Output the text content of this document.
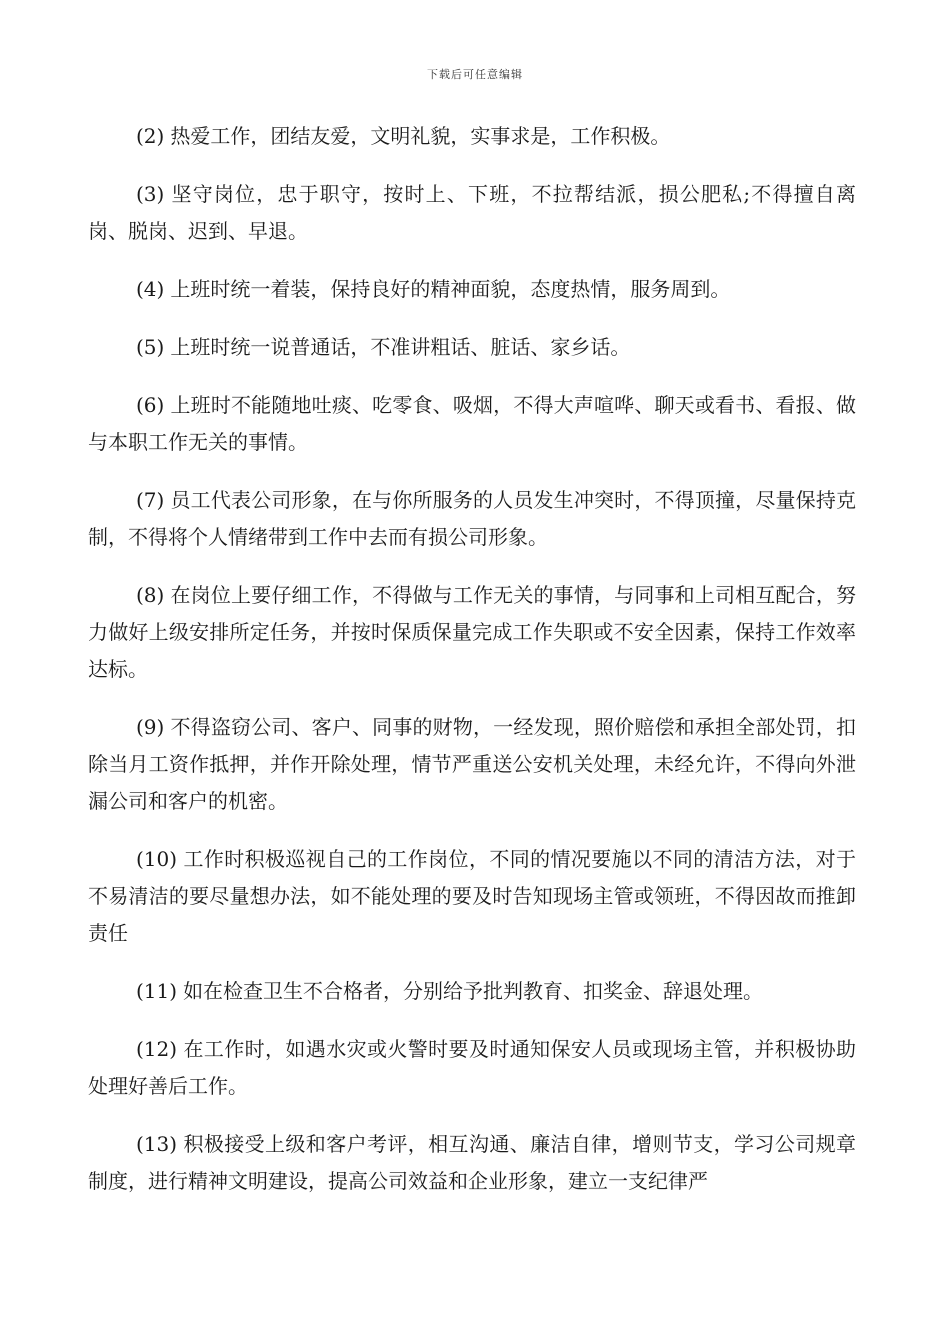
下载后可任意编辑

(2) 热爱工作，团结友爱，文明礼貌，实事求是，工作积极。

(3) 坚守岗位，忠于职守，按时上、下班，不拉帮结派，损公肥私;不得擅自离岗、脱岗、迟到、早退。

(4) 上班时统一着装，保持良好的精神面貌，态度热情，服务周到。

(5) 上班时统一说普通话，不准讲粗话、脏话、家乡话。

(6) 上班时不能随地吐痰、吃零食、吸烟，不得大声喧哗、聊天或看书、看报、做与本职工作无关的事情。

(7) 员工代表公司形象，在与你所服务的人员发生冲突时，不得顶撞，尽量保持克制，不得将个人情绪带到工作中去而有损公司形象。

(8) 在岗位上要仔细工作，不得做与工作无关的事情，与同事和上司相互配合，努力做好上级安排所定任务，并按时保质保量完成工作失职或不安全因素，保持工作效率达标。

(9) 不得盗窃公司、客户、同事的财物，一经发现，照价赔偿和承担全部处罚，扣除当月工资作抵押，并作开除处理，情节严重送公安机关处理，未经允许，不得向外泄漏公司和客户的机密。

(10) 工作时积极巡视自己的工作岗位，不同的情况要施以不同的清洁方法，对于不易清洁的要尽量想办法，如不能处理的要及时告知现场主管或领班，不得因故而推卸责任

(11) 如在检查卫生不合格者，分别给予批判教育、扣奖金、辞退处理。

(12) 在工作时，如遇水灾或火警时要及时通知保安人员或现场主管，并积极协助处理好善后工作。

(13) 积极接受上级和客户考评，相互沟通、廉洁自律，增则节支，学习公司规章制度，进行精神文明建设，提高公司效益和企业形象，建立一支纪律严
